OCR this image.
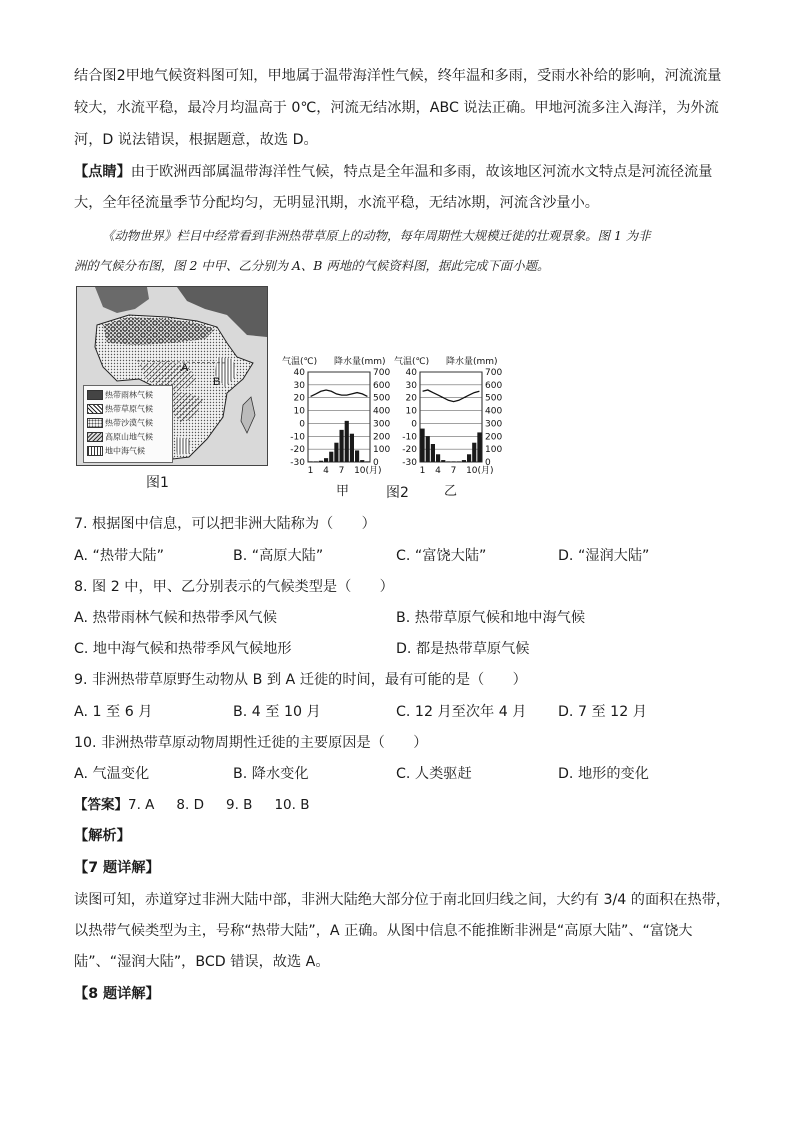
结合图2甲地气候资料图可知，甲地属于温带海洋性气候，终年温和多雨，受雨水补给的影响，河流流量
较大，水流平稳，最冷月均温高于 0℃，河流无结冰期，ABC 说法正确。甲地河流多注入海洋，为外流
河，D 说法错误，根据题意，故选 D。
【点睛】由于欧洲西部属温带海洋性气候，特点是全年温和多雨，故该地区河流水文特点是河流径流量
大，全年径流量季节分配均匀，无明显汛期，水流平稳，无结冰期，河流含沙量小。
《动物世界》栏目中经常看到非洲热带草原上的动物，每年周期性大规模迁徙的壮观景象。图 1 为非
洲的气候分布图，图 2 中甲、乙分别为 A、B 两地的气候资料图，据此完成下面小题。
A
B
热带雨林气候
热带草原气候
热带沙漠气候
高原山地气候
地中海气候
图1
气温(℃) 降水量(mm)
40
30
20
10
0
-10
-20
-30
700
600
500
400
300
200
100
0
1 4 7 10(月)
甲
气温(℃) 降水量(mm)
40
30
20
10
0
-10
-20
-30
700
600
500
400
300
200
100
0
1 4 7 10(月)
乙
图2
7. 根据图中信息，可以把非洲大陆称为（　　）
A. “热带大陆”	B. “高原大陆”	C. “富饶大陆”	D. “湿润大陆”
8. 图 2 中，甲、乙分别表示的气候类型是（　　）
A. 热带雨林气候和热带季风气候	B. 热带草原气候和地中海气候
C. 地中海气候和热带季风气候地形	D. 都是热带草原气候
9. 非洲热带草原野生动物从 B 到 A 迁徙的时间，最有可能的是（　　）
A. 1 至 6 月	B. 4 至 10 月	C. 12 月至次年 4 月 D. 7 至 12 月
10. 非洲热带草原动物周期性迁徙的主要原因是（　　）
A. 气温变化	B. 降水变化	C. 人类驱赶	D. 地形的变化
【答案】7. A 8. D 9. B 10. B
【解析】
【7 题详解】
读图可知，赤道穿过非洲大陆中部，非洲大陆绝大部分位于南北回归线之间，大约有 3/4 的面积在热带，
以热带气候类型为主，号称“热带大陆”，A 正确。从图中信息不能推断非洲是“高原大陆”、“富饶大
陆”、“湿润大陆”，BCD 错误，故选 A。
【8 题详解】
